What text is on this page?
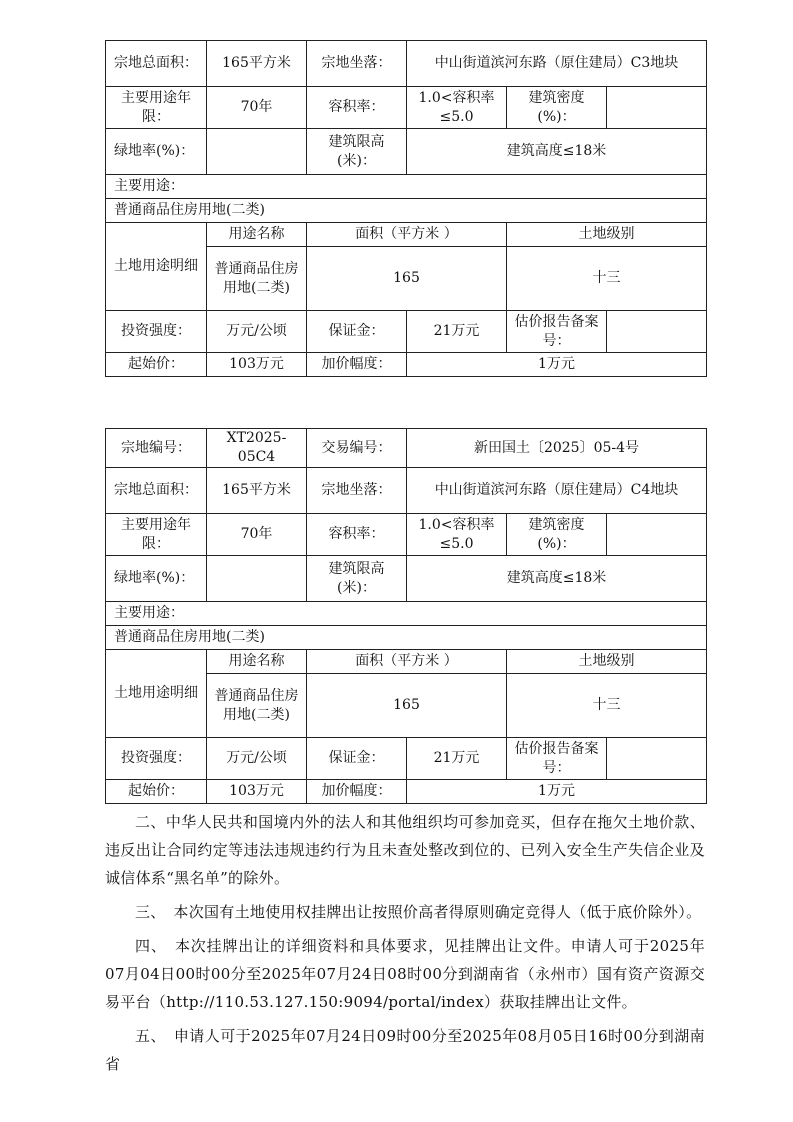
宗地总面积：	165平方米	宗地坐落：	中山街道滨河东路（原住建局）C3地块		
主要用途年限：	70年	容积率：	1.0<容积率≤5.0	建筑密度(%)：	
绿地率(%)：		建筑限高(米)：	建筑高度≤18米		
主要用途：					
普通商品住房用地(二类)					
土地用途明细	用途名称	面积（平方米 ）		土地级别	
	普通商品住房用地(二类)	165		十三	
投资强度：	万元/公顷	保证金：	21万元	估价报告备案号：	
起始价：	103万元	加价幅度：	1万元		
宗地编号：	XT2025-05C4	交易编号：	新田国土〔2025〕05-4号		
宗地总面积：	165平方米	宗地坐落：	中山街道滨河东路（原住建局）C4地块		
主要用途年限：	70年	容积率：	1.0<容积率≤5.0	建筑密度(%)：	
绿地率(%)：		建筑限高(米)：	建筑高度≤18米		
主要用途：					
普通商品住房用地(二类)					
土地用途明细	用途名称	面积（平方米 ）		土地级别	
	普通商品住房用地(二类)	165		十三	
投资强度：	万元/公顷	保证金：	21万元	估价报告备案号：	
起始价：	103万元	加价幅度：	1万元		

二、中华人民共和国境内外的法人和其他组织均可参加竞买，但存在拖欠土地价款、违反出让合同约定等违法违规违约行为且未查处整改到位的、已列入安全生产失信企业及诚信体系“黑名单”的除外。

三、　本次国有土地使用权挂牌出让按照价高者得原则确定竞得人（低于底价除外）。

四、　本次挂牌出让的详细资料和具体要求，见挂牌出让文件。申请人可于2025年07月04日00时00分至2025年07月24日08时00分到湖南省（永州市）国有资产资源交易平台（http://110.53.127.150:9094/portal/index）获取挂牌出让文件。

五、　申请人可于2025年07月24日09时00分至2025年08月05日16时00分到湖南省
